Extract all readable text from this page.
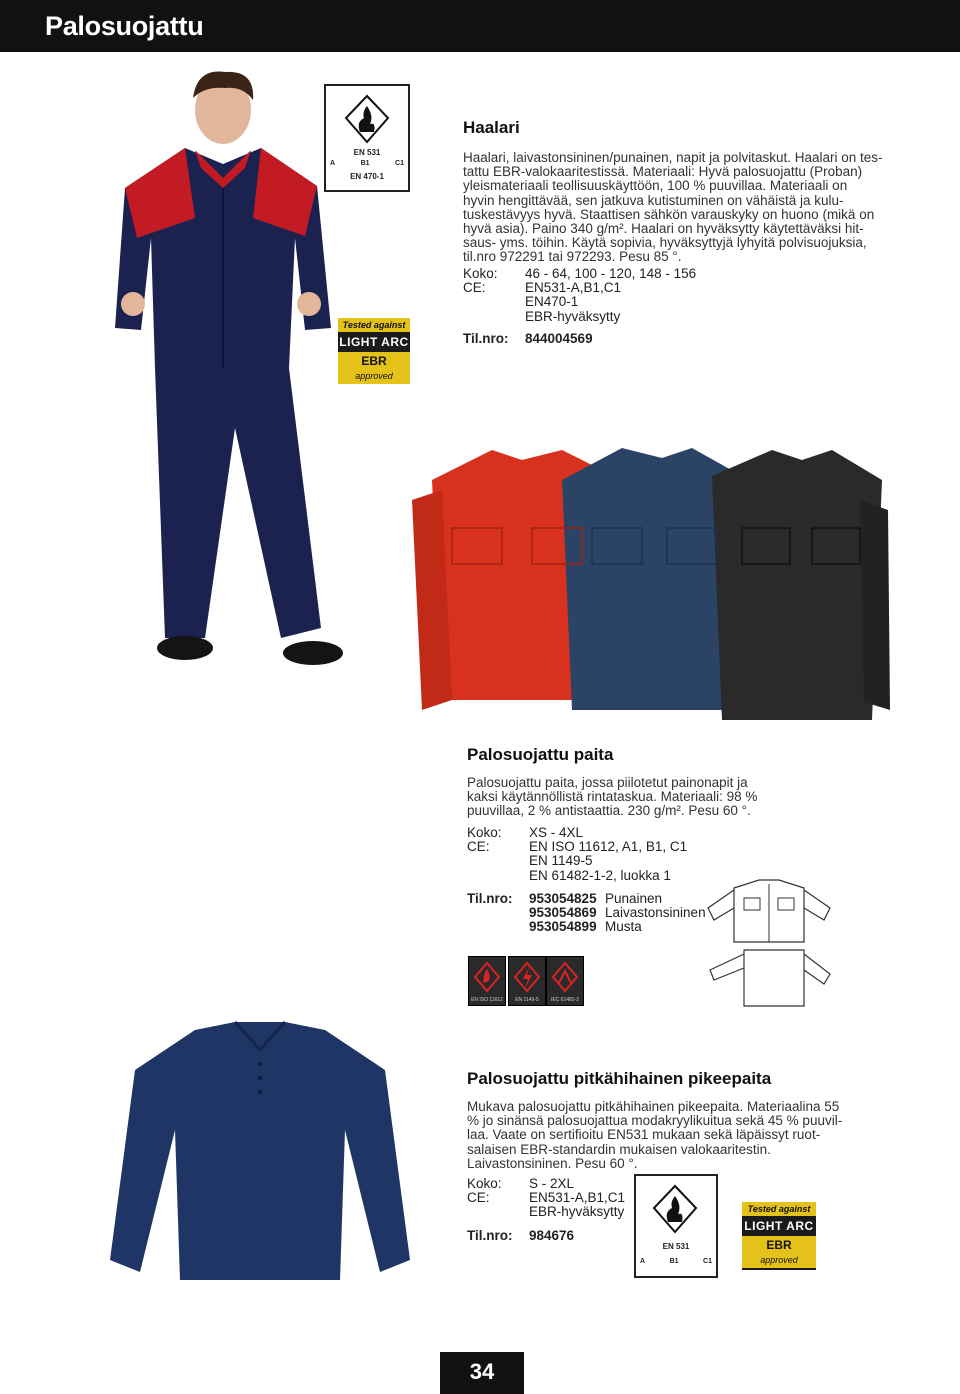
Palosuojattu
EN 531
A	B1	C1
EN 470-1
Tested against
LIGHT ARC
EBR
approved
Haalari
Haalari, laivastonsininen/punainen, napit ja polvitaskut. Haalari on tes-
tattu EBR-valokaaritestissä. Materiaali: Hyvä palosuojattu (Proban)
yleismateriaali teollisuuskäyttöön, 100 % puuvillaa. Materiaali on
hyvin hengittävää, sen jatkuva kutistuminen on vähäistä ja kulu-
tuskestävyys hyvä. Staattisen sähkön varauskyky on huono (mikä on
hyvä asia). Paino 340 g/m². Haalari on hyväksytty käytettäväksi hit-
saus- yms. töihin. Käytä sopivia, hyväksyttyjä lyhyitä polvisuojuksia,
til.nro 972291 tai 972293. Pesu 85 °.
Koko:	46 - 64, 100 - 120, 148 - 156
CE:	EN531-A,B1,C1
EN470-1
EBR-hyväksytty
Til.nro:	844004569
Palosuojattu paita
Palosuojattu paita, jossa piilotetut painonapit ja
kaksi käytännöllistä rintataskua. Materiaali: 98 %
puuvillaa, 2 % antistaattia. 230 g/m². Pesu 60 °.
Koko:	XS - 4XL
CE:	EN ISO 11612, A1, B1, C1
EN 1149-5
EN 61482-1-2, luokka 1
Til.nro:	953054825 Punainen
953054869 Laivastonsininen
953054899 Musta
EN ISO 11612	EN 1149-5	IEC 61482-2
Palosuojattu pitkähihainen pikeepaita
Mukava palosuojattu pitkähihainen pikeepaita. Materiaalina 55
% jo sinänsä palosuojattua modakryylikuitua sekä 45 % puuvil-
laa. Vaate on sertifioitu EN531 mukaan sekä läpäissyt ruot-
salaisen EBR-standardin mukaisen valokaaritestin.
Laivastonsininen. Pesu 60 °.
Koko:	S - 2XL
CE:	EN531-A,B1,C1
EBR-hyväksytty
Til.nro:	984676
EN 531
A	B1	C1
Tested against
LIGHT ARC
EBR
approved
34
